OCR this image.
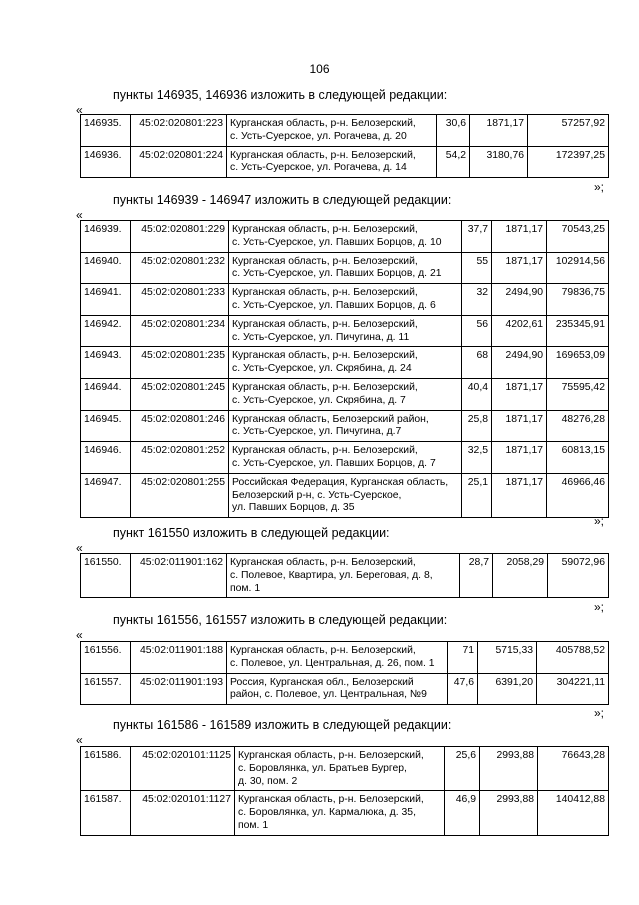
106
пункты 146935, 146936 изложить в следующей редакции:
«
146935.	45:02:020801:223	Курганская область, р-н. Белозерский,
с. Усть-Суерское, ул. Рогачева, д. 20	30,6	1871,17	57257,92
146936.	45:02:020801:224	Курганская область, р-н. Белозерский,
с. Усть-Суерское, ул. Рогачева, д. 14	54,2	3180,76	172397,25
»;
пункты 146939 - 146947 изложить в следующей редакции:
«
146939.	45:02:020801:229	Курганская область, р-н. Белозерский,
с. Усть-Суерское, ул. Павших Борцов, д. 10	37,7	1871,17	70543,25
146940.	45:02:020801:232	Курганская область, р-н. Белозерский,
с. Усть-Суерское, ул. Павших Борцов, д. 21	55	1871,17	102914,56
146941.	45:02:020801:233	Курганская область, р-н. Белозерский,
с. Усть-Суерское, ул. Павших Борцов, д. 6	32	2494,90	79836,75
146942.	45:02:020801:234	Курганская область, р-н. Белозерский,
с. Усть-Суерское, ул. Пичугина, д. 11	56	4202,61	235345,91
146943.	45:02:020801:235	Курганская область, р-н. Белозерский,
с. Усть-Суерское, ул. Скрябина, д. 24	68	2494,90	169653,09
146944.	45:02:020801:245	Курганская область, р-н. Белозерский,
с. Усть-Суерское, ул. Скрябина, д. 7	40,4	1871,17	75595,42
146945.	45:02:020801:246	Курганская область, Белозерский район,
с. Усть-Суерское, ул. Пичугина, д.7	25,8	1871,17	48276,28
146946.	45:02:020801:252	Курганская область, р-н. Белозерский,
с. Усть-Суерское, ул. Павших Борцов, д. 7	32,5	1871,17	60813,15
146947.	45:02:020801:255	Российская Федерация, Курганская область,
Белозерский р-н, с. Усть-Суерское,
ул. Павших Борцов, д. 35	25,1	1871,17	46966,46
»;
пункт 161550 изложить в следующей редакции:
«
161550.	45:02:011901:162	Курганская область, р-н. Белозерский,
с. Полевое, Квартира, ул. Береговая, д. 8,
пом. 1
	28,7	2058,29	59072,96
»;
пункты 161556, 161557 изложить в следующей редакции:
«
161556.	45:02:011901:188	Курганская область, р-н. Белозерский,
с. Полевое, ул. Центральная, д. 26, пом. 1	71	5715,33	405788,52
161557.	45:02:011901:193	Россия, Курганская обл., Белозерский
район, с. Полевое, ул. Центральная, №9	47,6	6391,20	304221,11
»;
пункты 161586 - 161589 изложить в следующей редакции:
«
161586.	45:02:020101:1125	Курганская область, р-н. Белозерский,
с. Боровлянка, ул. Братьев Бургер,
д. 30, пом. 2	25,6	2993,88	76643,28
161587.	45:02:020101:1127	Курганская область, р-н. Белозерский,
с. Боровлянка, ул. Кармалюка, д. 35,
пом. 1	46,9	2993,88	140412,88
